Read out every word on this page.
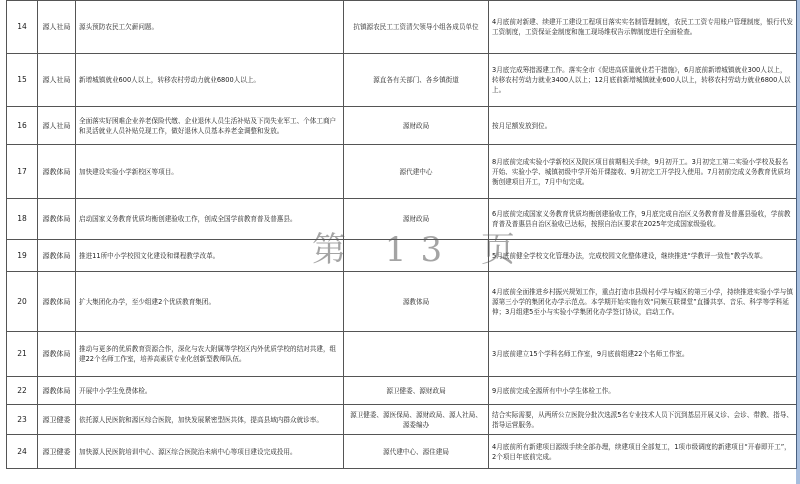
14	源人社局	源头预防农民工欠薪问题。	抗镇源农民工工资清欠领导小组各成员单位	4月底前对新建、续建开工建设工程项目落实实名制管理制度，农民工工资专用账户管理制度，银行代发工资制度，工资保证金制度和施工现场维权告示牌制度进行全面检查。
15	源人社局	新增城镇就业600人以上，转移农村劳动力就业6800人以上。	源直各有关部门、各乡镇街道	3月底完成筹措源建工作。落实全市《促进高质量就业若干措施》，6月底前新增城镇就业300人以上，转移农村劳动力就业3400人以上；12月底前新增城镇就业600人以上，转移农村劳动力就业6800人以上。
16	源人社局	全面落实好困难企业养老保险代缴、企业退休人员生活补贴及下岗失业军工、个体工商户和灵活就业人员补贴兑现工作，做好退休人员基本养老金调整和发放。	源财政局	按月足额发放到位。
17	源教体局	加快建设实验小学新校区等项目。	源代建中心	8月底前完成实验小学新校区及院区项目前期相关手续，9月初开工。3月初完工第二实验小学校及报名开始、实验小学、城镇初级中学开始开课接收、9月初完工开学投入使用。7月初前完成义务教育优质均衡创建项目开工，7月中旬完成。
18	源教体局	启动国家义务教育优质均衡创建验收工作，创成全国学前教育普及普惠县。	源财政局	6月底前完成国家义务教育优质均衡创建验收工作，9月底完成自治区义务教育普及普惠县验收，学前教育普及普惠县自治区验收已达标，按照自治区要求在2025年完成国家级验收。
19	源教体局	推进11所中小学校园文化建设和课程教学改革。		5月底前健全学校文化管理办法，完成校园文化整体建设，继续推进“学教评一致性”教学改革。
20	源教体局	扩大集团化办学，至少组建2个优质教育集团。	源教体局	4月底前全面推进乡村振兴规划工作，重点打造市县级村小学与城区的第三小学，持续推进实验小学与镇源第三小学的集团化办学示范点。本学期开始实施有效“同频互联课堂”直播共享、音乐、科学等学科延伸；3月组建5至小与实验小学集团化办学签订协议，启动工作。
21	源教体局	推动与更多的优质教育资源合作，深化与农大附属等学校区内外优质学校的结对共建，组建22个名师工作室，培养高素质专业化创新型教师队伍。		3月底前建立15个学科名师工作室，9月底前组建22个名师工作室。
22	源教体局	开展中小学生免费体检。	源卫健委、源财政局	9月底前完成全源所有中小学生体检工作。
23	源卫健委	依托源人民医院和源区综合医院，加快发展紧密型医共体，提高县域内群众就诊率。	源卫健委、源医保局、源财政局、源人社局、源委编办	结合实际需要，从两所公立医院分批次选派5名专业技术人员下沉到基层开展义诊、会诊、带教、指导、指导运营服务。
24	源卫健委	加快源人民医院培训中心、源区综合医院治未病中心等项目建设完成投用。	源代建中心、源住建局	4月底前所有新建项目源级手续全部办理，续建项目全部复工，1项市级调度的新建项目“开春即开工”，2个项目年底前完成。
第 13 页
